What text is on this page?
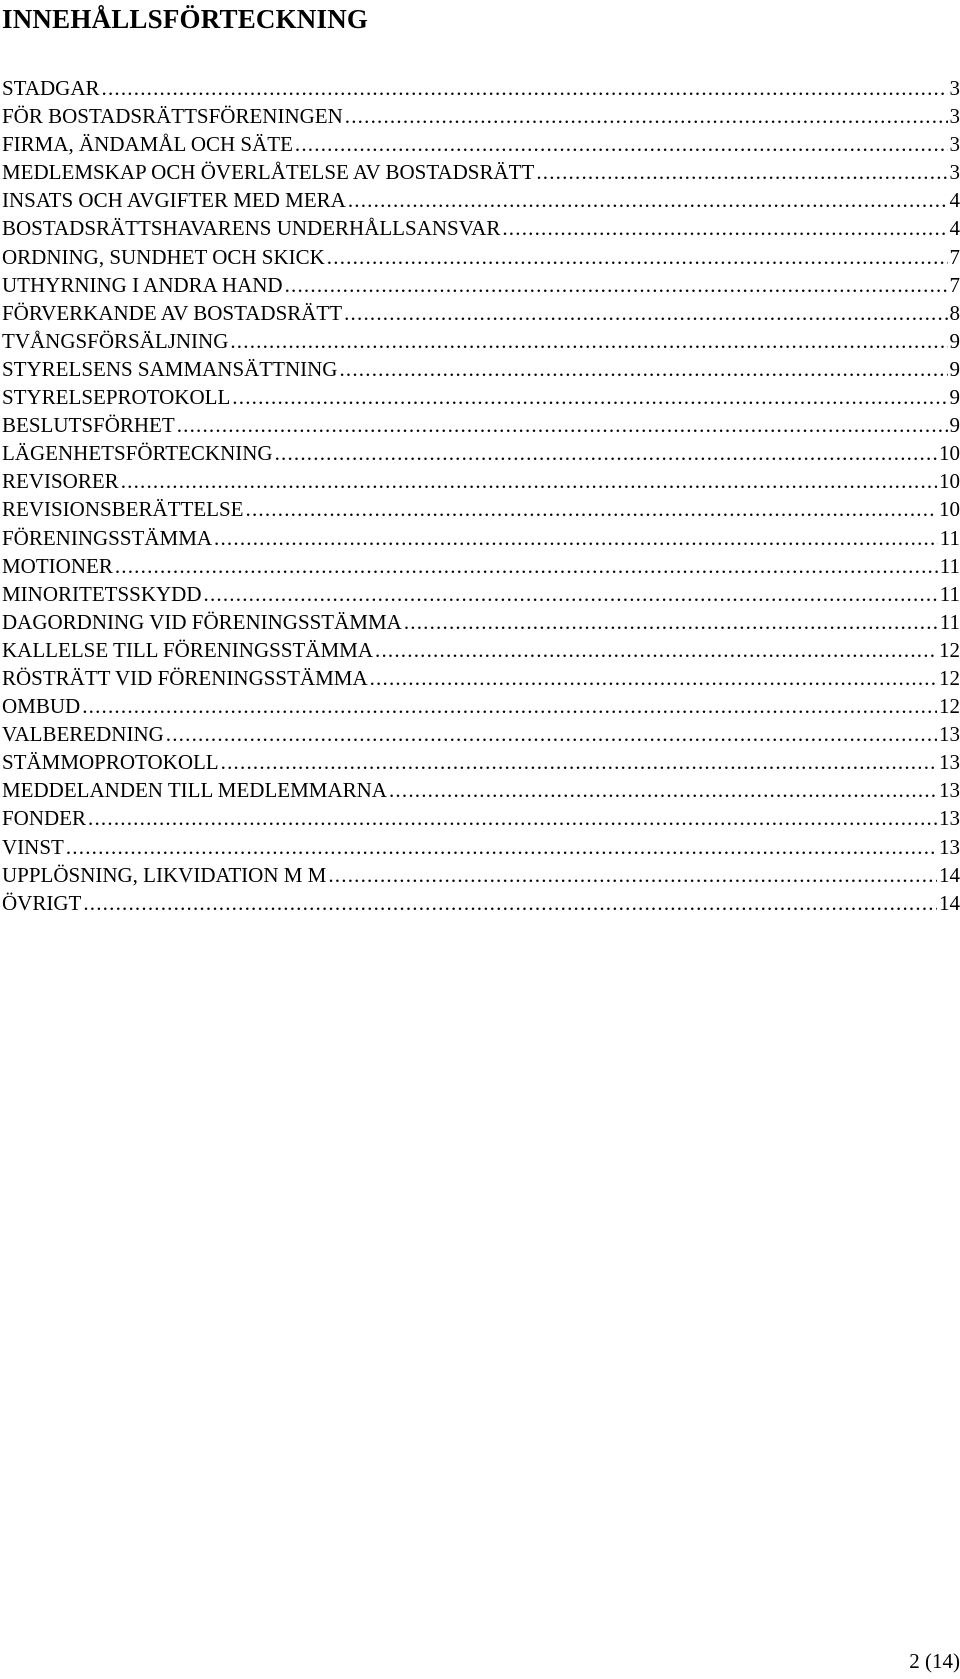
INNEHÅLLSFÖRTECKNING
STADGAR .....	3
FÖR BOSTADSRÄTTSFÖRENINGEN .....	3
FIRMA, ÄNDAMÅL OCH SÄTE .....	3
MEDLEMSKAP OCH ÖVERLÅTELSE AV BOSTADSRÄTT .....	3
INSATS OCH AVGIFTER MED MERA .....	4
BOSTADSRÄTTSHAVARENS UNDERHÅLLSANSVAR .....	4
ORDNING, SUNDHET OCH SKICK .....	7
UTHYRNING I ANDRA HAND .....	7
FÖRVERKANDE AV BOSTADSRÄTT .....	8
TVÅNGSFÖRSÄLJNING .....	9
STYRELSENS SAMMANSÄTTNING .....	9
STYRELSEPROTOKOLL .....	9
BESLUTSFÖRHET .....	9
LÄGENHETSFÖRTECKNING .....	10
REVISORER .....	10
REVISIONSBERÄTTELSE .....	10
FÖRENINGSSTÄMMA .....	11
MOTIONER .....	11
MINORITETSSKYDD .....	11
DAGORDNING VID FÖRENINGSSTÄMMA .....	11
KALLELSE TILL FÖRENINGSSTÄMMA .....	12
RÖSTRÄTT VID FÖRENINGSSTÄMMA .....	12
OMBUD .....	12
VALBEREDNING .....	13
STÄMMOPROTOKOLL .....	13
MEDDELANDEN TILL MEDLEMMARNA .....	13
FONDER .....	13
VINST .....	13
UPPLÖSNING, LIKVIDATION M M .....	14
ÖVRIGT .....	14
2 (14)
